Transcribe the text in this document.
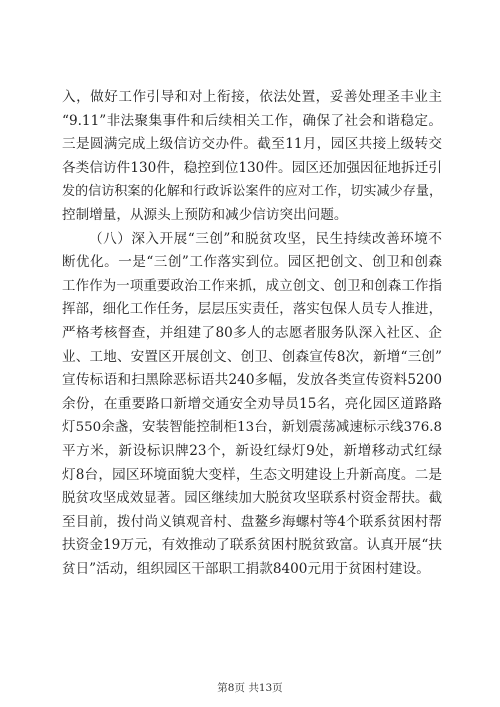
入，做好工作引导和对上衔接，依法处置，妥善处理圣丰业主
“9.11”非法聚集事件和后续相关工作，确保了社会和谐稳定。
三是圆满完成上级信访交办件。截至11月，园区共接上级转交
各类信访件130件，稳控到位130件。园区还加强因征地拆迁引
发的信访积案的化解和行政诉讼案件的应对工作，切实减少存量，
控制增量，从源头上预防和减少信访突出问题。
（八）深入开展“三创”和脱贫攻坚，民生持续改善环境不
断优化。一是“三创”工作落实到位。园区把创文、创卫和创森
工作作为一项重要政治工作来抓，成立创文、创卫和创森工作指
挥部，细化工作任务，层层压实责任，落实包保人员专人推进，
严格考核督查，并组建了80多人的志愿者服务队深入社区、企
业、工地、安置区开展创文、创卫、创森宣传8次，新增“三创”
宣传标语和扫黑除恶标语共240多幅，发放各类宣传资料5200
余份，在重要路口新增交通安全劝导员15名，亮化园区道路路
灯550余盏，安装智能控制柜13台，新划震荡减速标示线376.8
平方米，新设标识牌23个，新设红绿灯9处，新增移动式红绿
灯8台，园区环境面貌大变样，生态文明建设上升新高度。二是
脱贫攻坚成效显著。园区继续加大脱贫攻坚联系村资金帮扶。截
至目前，拨付尚义镇观音村、盘鳌乡海螺村等4个联系贫困村帮
扶资金19万元，有效推动了联系贫困村脱贫致富。认真开展“扶
贫日”活动，组织园区干部职工捐款8400元用于贫困村建设。
第8页 共13页
